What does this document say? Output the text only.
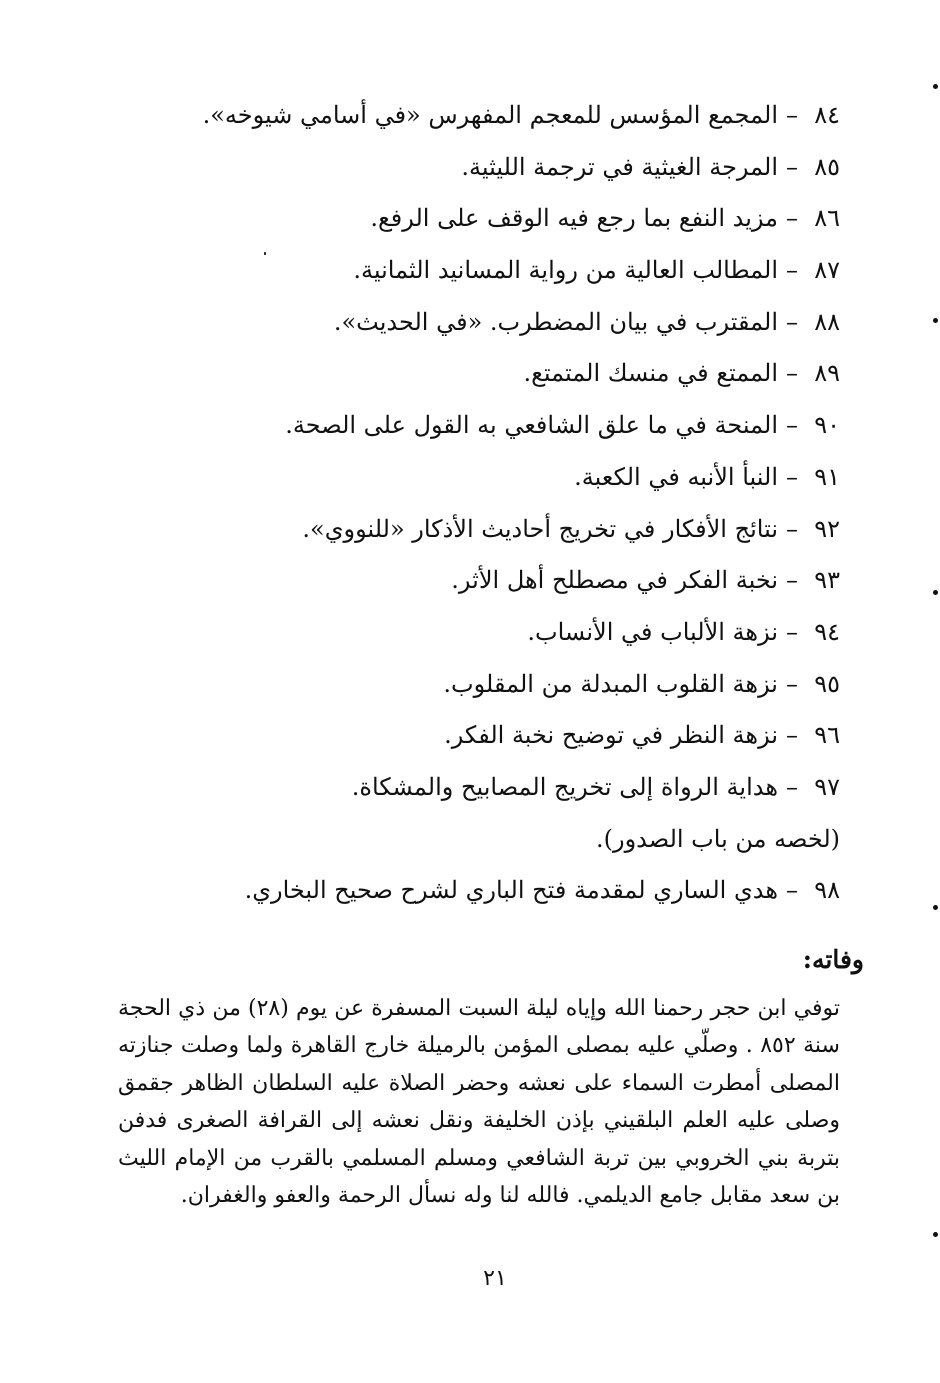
٨٤–المجمع المؤسس للمعجم المفهرس «في أسامي شيوخه».
٨٥–المرجة الغيثية في ترجمة الليثية.
٨٦–مزيد النفع بما رجع فيه الوقف على الرفع.
٨٧–المطالب العالية من رواية المسانيد الثمانية.
٨٨–المقترب في بيان المضطرب. «في الحديث».
٨٩–الممتع في منسك المتمتع.
٩٠–المنحة في ما علق الشافعي به القول على الصحة.
٩١–النبأ الأنبه في الكعبة.
٩٢–نتائج الأفكار في تخريج أحاديث الأذكار «للنووي».
٩٣–نخبة الفكر في مصطلح أهل الأثر.
٩٤–نزهة الألباب في الأنساب.
٩٥–نزهة القلوب المبدلة من المقلوب.
٩٦–نزهة النظر في توضيح نخبة الفكر.
٩٧–هداية الرواة إلى تخريج المصابيح والمشكاة.
(لخصه من باب الصدور).
٩٨–هدي الساري لمقدمة فتح الباري لشرح صحيح البخاري.
وفاته:

توفي ابن حجر رحمنا الله وإياه ليلة السبت المسفرة عن يوم (٢٨) من ذي الحجة سنة ٨٥٢ . وصلّي عليه بمصلى المؤمن بالرميلة خارج القاهرة ولما وصلت جنازته المصلى أمطرت السماء على نعشه وحضر الصلاة عليه السلطان الظاهر جقمق وصلى عليه العلم البلقيني بإذن الخليفة ونقل نعشه إلى القرافة الصغرى فدفن بتربة بني الخروبي بين تربة الشافعي ومسلم المسلمي بالقرب من الإمام الليث بن سعد مقابل جامع الديلمي. فالله لنا وله نسأل الرحمة والعفو والغفران.

٢١
